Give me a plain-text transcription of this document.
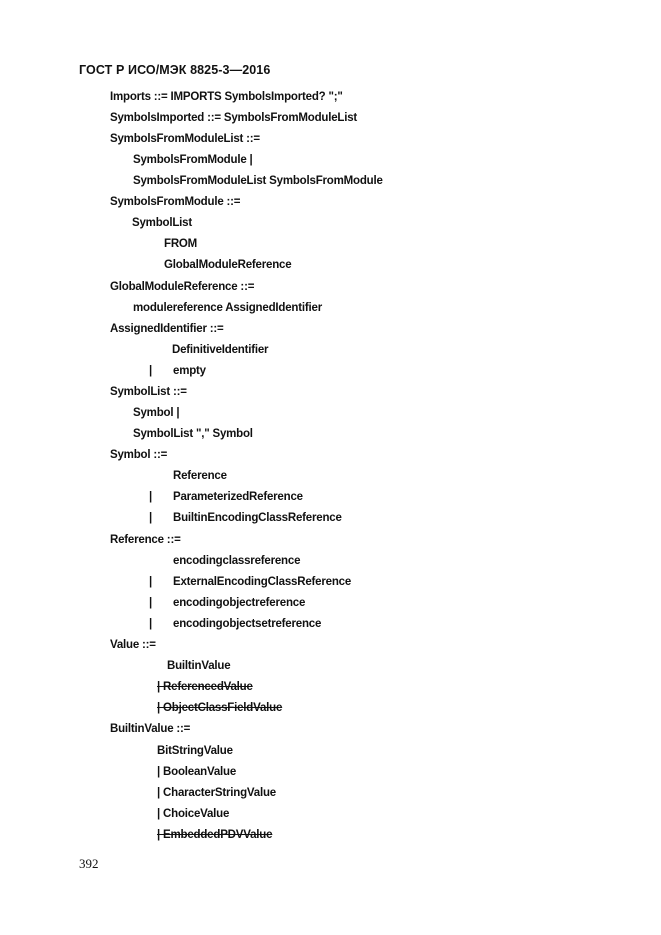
ГОСТ Р ИСО/МЭК 8825-3—2016
Imports ::= IMPORTS SymbolsImported? ";"
SymbolsImported ::= SymbolsFromModuleList
SymbolsFromModuleList ::=
SymbolsFromModule |
SymbolsFromModuleList SymbolsFromModule
SymbolsFromModule ::=
SymbolList
FROM
GlobalModuleReference
GlobalModuleReference ::=
modulereference AssignedIdentifier
AssignedIdentifier ::=
DefinitiveIdentifier
| empty
SymbolList ::=
Symbol |
SymbolList "," Symbol
Symbol ::=
Reference
| ParameterizedReference
| BuiltinEncodingClassReference
Reference ::=
encodingclassreference
| ExternalEncodingClassReference
| encodingobjectreference
| encodingobjectsetreference
Value ::=
BuiltinValue
| ReferencedValue
| ObjectClassFieldValue
BuiltinValue ::=
BitStringValue
| BooleanValue
| CharacterStringValue
| ChoiceValue
| EmbeddedPDVValue
392
